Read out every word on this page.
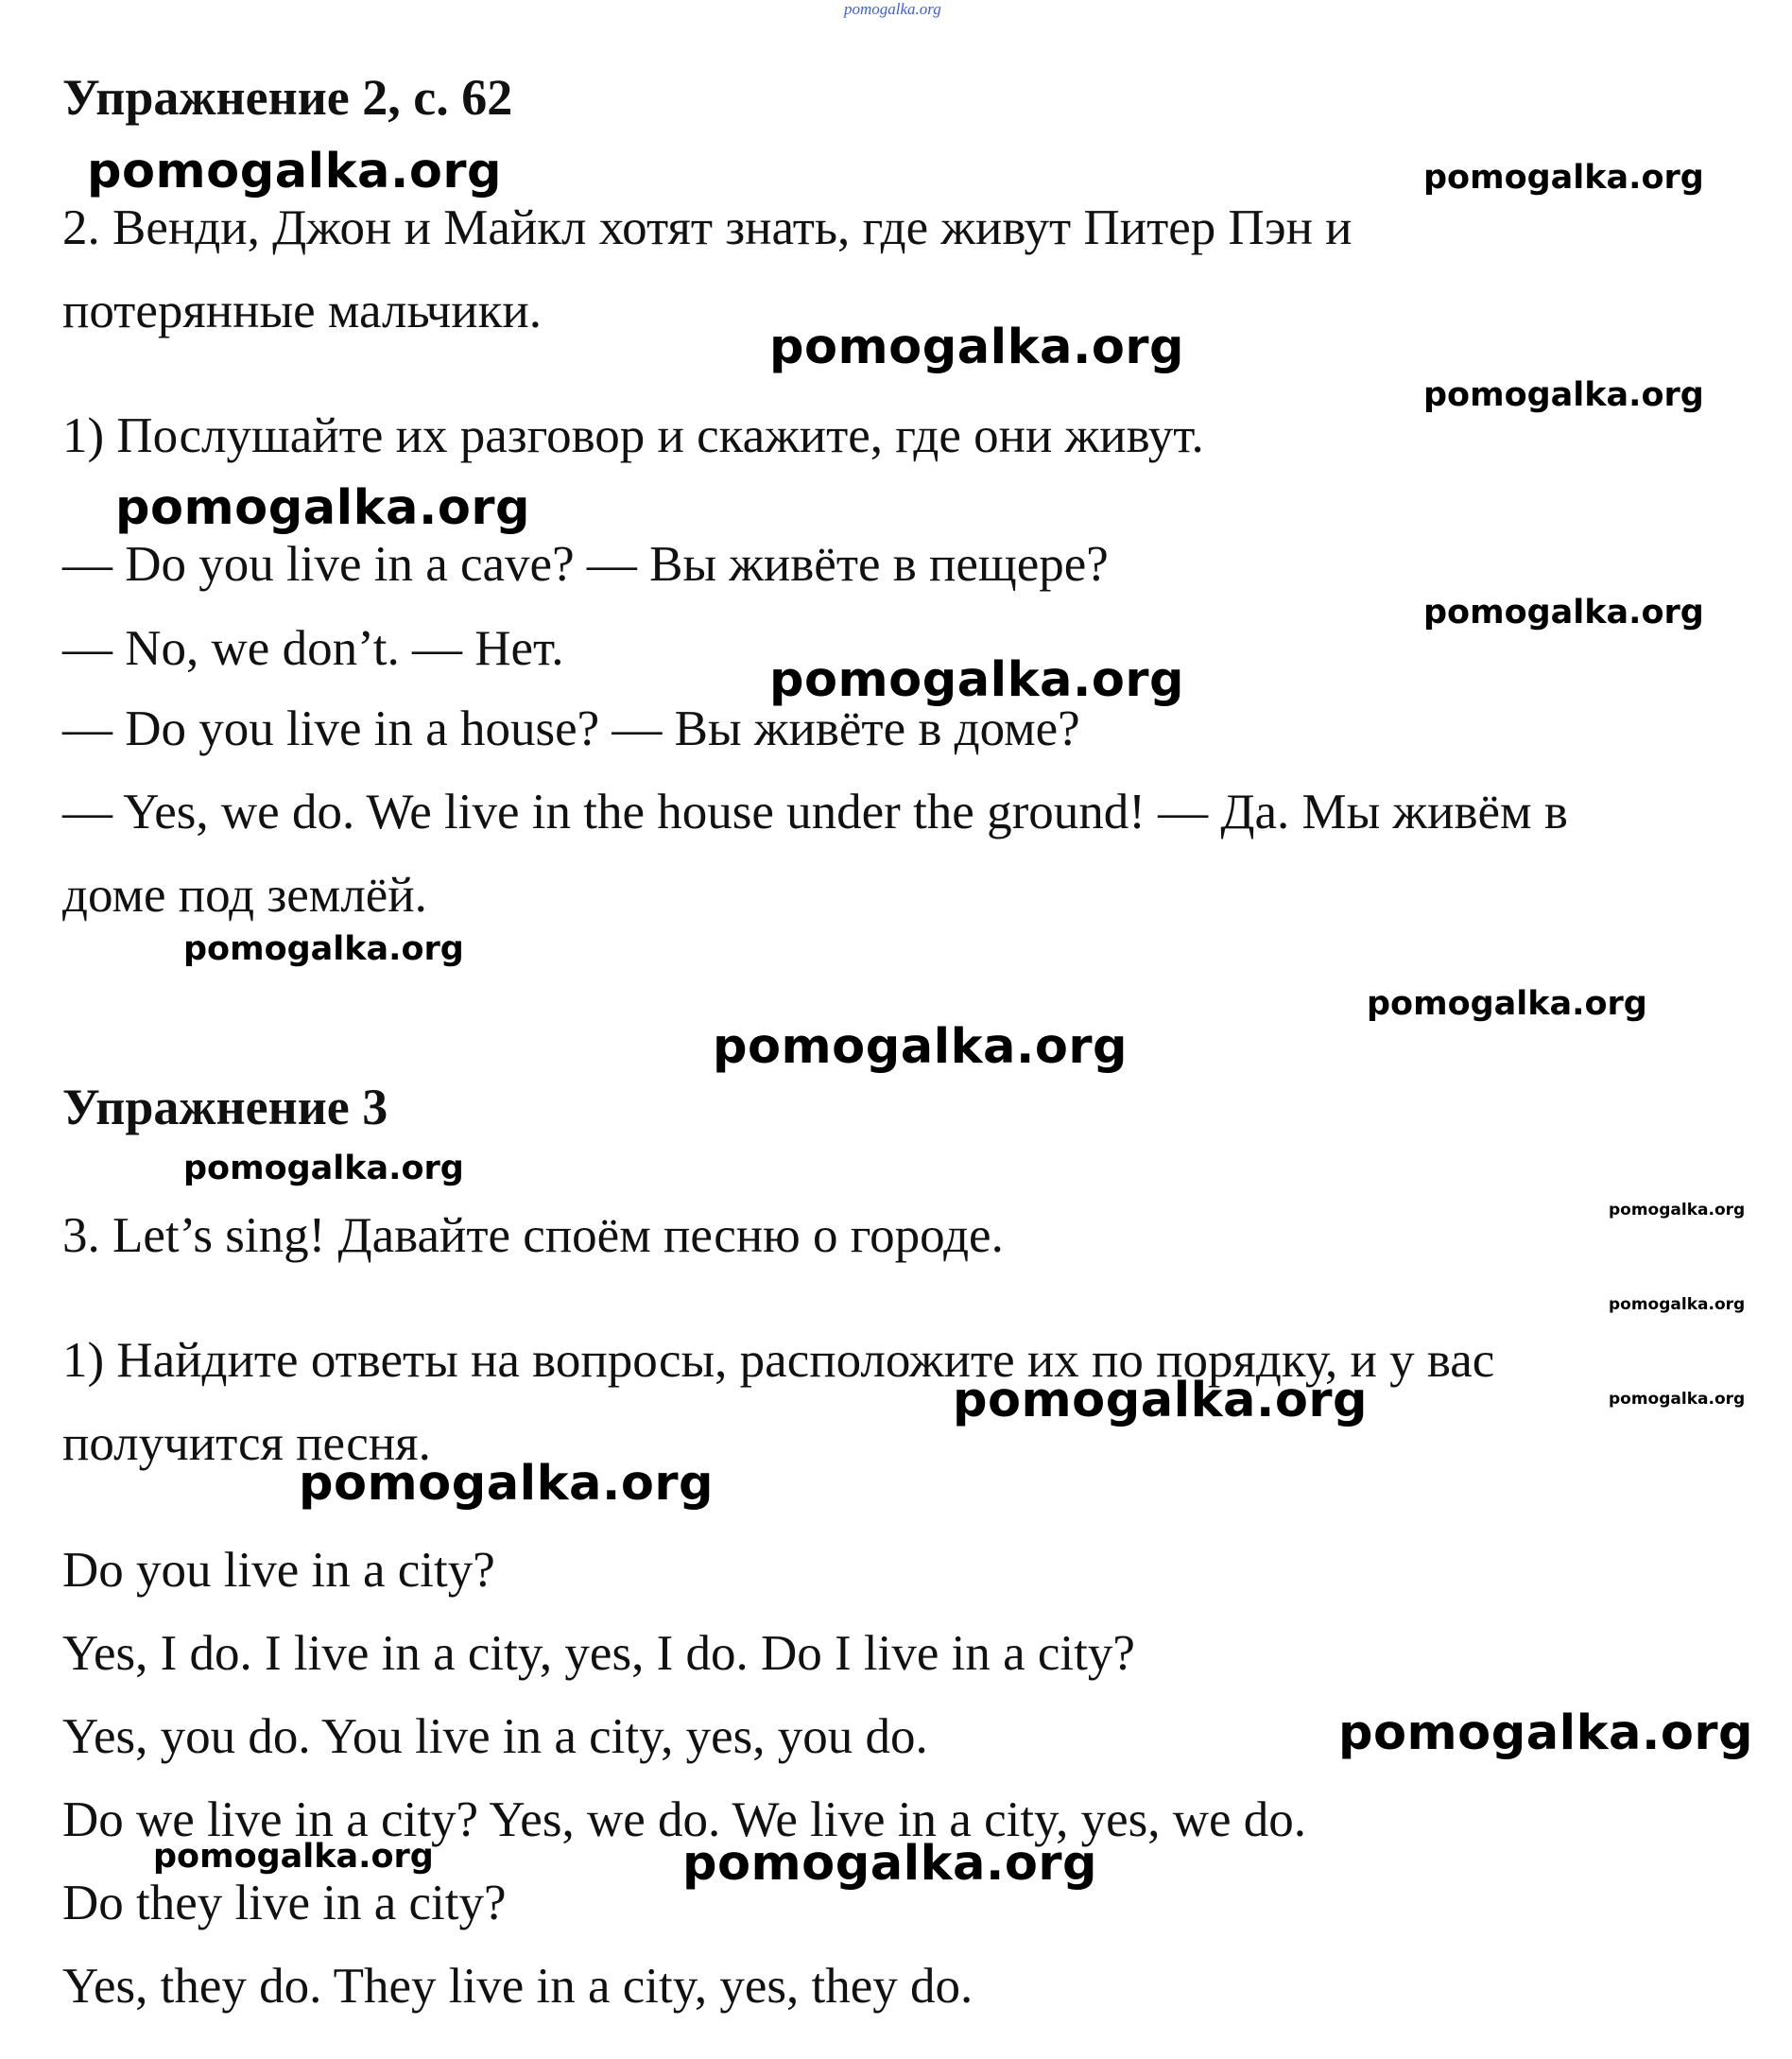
pomogalka.org
Упражнение 2, с. 62
pomogalka.org	pomogalka.org
2. Венди, Джон и Майкл хотят знать, где живут Питер Пэн и
потерянные мальчики.
pomogalka.org
pomogalka.org
1) Послушайте их разговор и скажите, где они живут.
pomogalka.org
— Do you live in a cave? — Вы живёте в пещере?
pomogalka.org
— No, we don’t. — Нет.
pomogalka.org
— Do you live in a house? — Вы живёте в доме?
— Yes, we do. We live in the house under the ground! — Да. Мы живём в
доме под землёй.
pomogalka.org
pomogalka.org
pomogalka.org
Упражнение 3
pomogalka.org
3. Let’s sing! Давайте споём песню о городе.	pomogalka.org
pomogalka.org
1) Найдите ответы на вопросы, расположите их по порядку, и у вас
pomogalka.org
pomogalka.org
получится песня.
pomogalka.org
Do you live in a city?
Yes, I do. I live in a city, yes, I do. Do I live in a city?
Yes, you do. You live in a city, yes, you do.	pomogalka.org
Do we live in a city? Yes, we do. We live in a city, yes, we do.
pomogalka.org	pomogalka.org
Do they live in a city?
Yes, they do. They live in a city, yes, they do.
